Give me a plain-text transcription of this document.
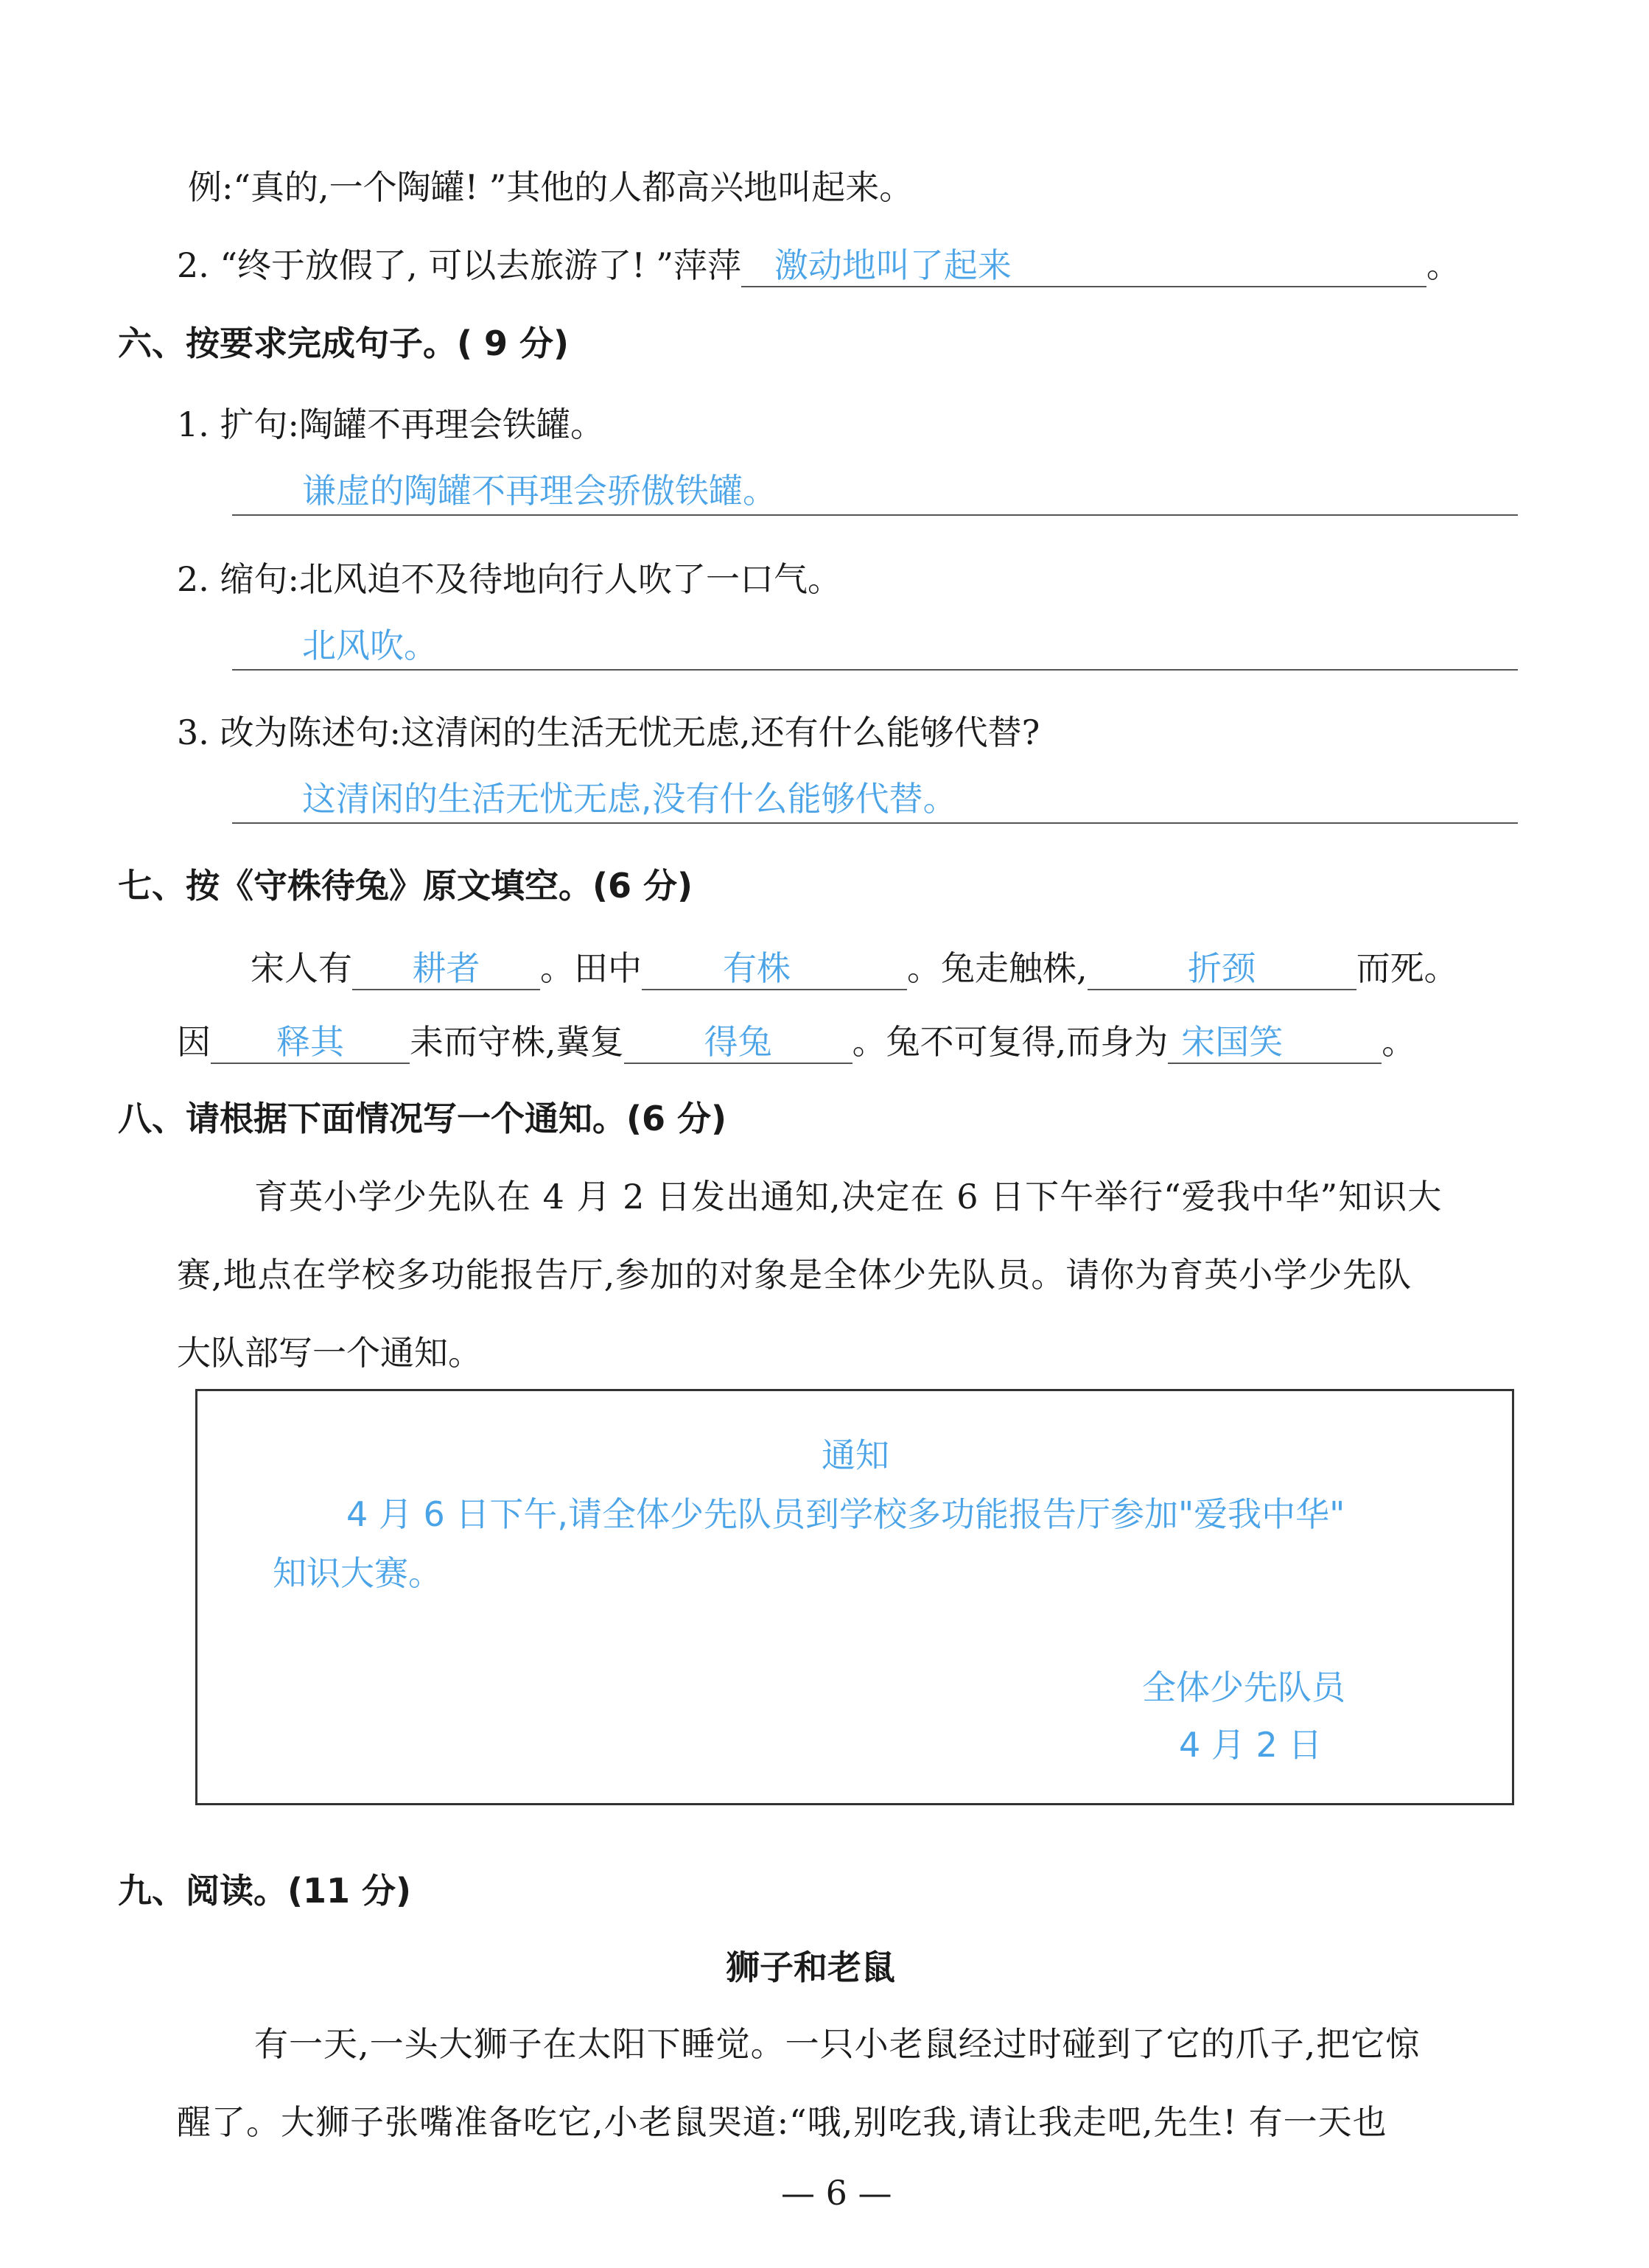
例:“真的,一个陶罐! ”其他的人都高兴地叫起来。
2. “终于放假了, 可以去旅游了! ”萍萍 激动地叫了起来	。
六、按要求完成句子。( 9 分)
1. 扩句:陶罐不再理会铁罐。
谦虚的陶罐不再理会骄傲铁罐。
2. 缩句:北风迫不及待地向行人吹了一口气。
北风吹。
3. 改为陈述句:这清闲的生活无忧无虑,还有什么能够代替?
这清闲的生活无忧无虑,没有什么能够代替。
七、按《守株待兔》原文填空。(6 分)
宋人有 耕者 。田中 有株	。兔走触株,	折颈	而死。
因 释其 耒而守株,冀复 得兔 。兔不可复得,而身为 宋国笑	。
八、请根据下面情况写一个通知。(6 分)
育英小学少先队在 4 月 2 日发出通知,决定在 6 日下午举行“爱我中华”知识大
赛,地点在学校多功能报告厅,参加的对象是全体少先队员。请你为育英小学少先队
大队部写一个通知。
通知
4 月 6 日下午,请全体少先队员到学校多功能报告厅参加"爱我中华"
知识大赛。
全体少先队员
4 月 2 日
九、阅读。(11 分)
狮子和老鼠
有一天,一头大狮子在太阳下睡觉。一只小老鼠经过时碰到了它的爪子,把它惊
醒了。大狮子张嘴准备吃它,小老鼠哭道:“哦,别吃我,请让我走吧,先生! 有一天也
— 6 —
